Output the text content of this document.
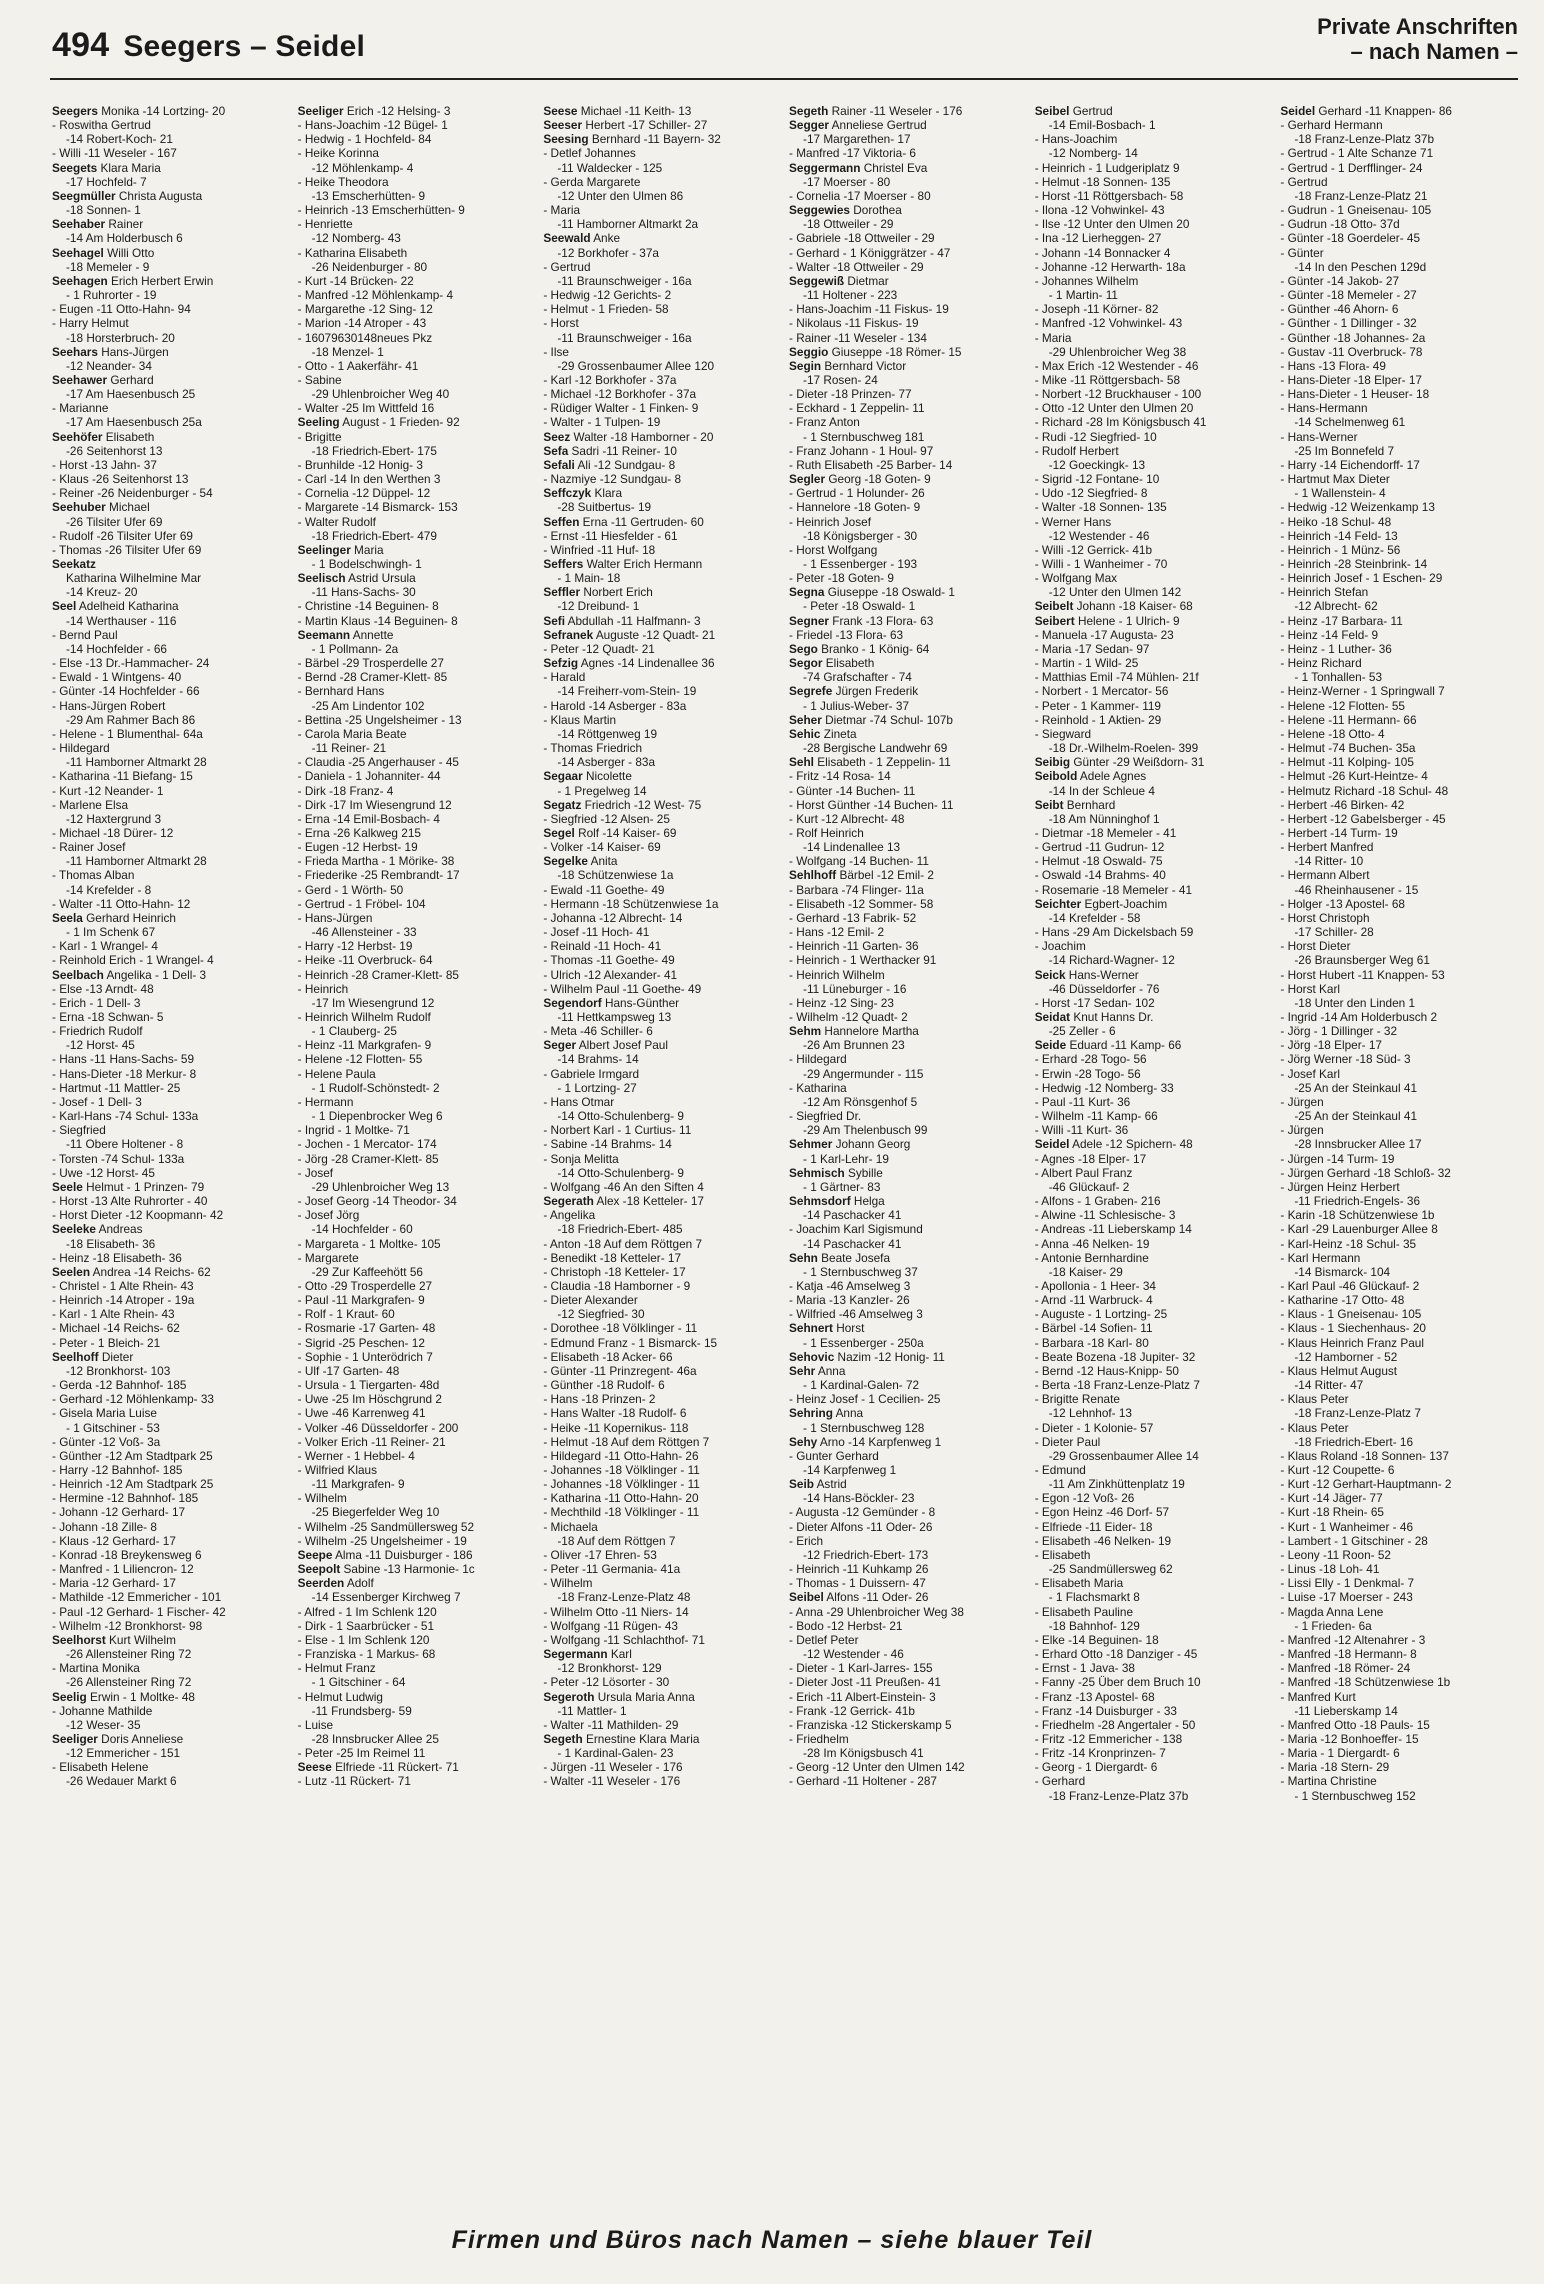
494 Seegers – Seidel
Private Anschriften
– nach Namen –
Seegers Monika -14 Lortzing- 20
- Roswitha Gertrud
-14 Robert-Koch- 21
- Willi -11 Weseler - 167
Seegets Klara Maria
-17 Hochfeld- 7
Seegmüller Christa Augusta
-18 Sonnen- 1
Seehaber Rainer
-14 Am Holderbusch 6
Seehagel Willi Otto
-18 Memeler - 9
Seehagen Erich Herbert Erwin
- 1 Ruhrorter - 19
- Eugen -11 Otto-Hahn- 94
- Harry Helmut
-18 Horsterbruch- 20
Seehars Hans-Jürgen
-12 Neander- 34
Seehawer Gerhard
-17 Am Haesenbusch 25
- Marianne
-17 Am Haesenbusch 25a
Seehöfer Elisabeth
-26 Seitenhorst 13
- Horst -13 Jahn- 37
- Klaus -26 Seitenhorst 13
- Reiner -26 Neidenburger - 54
Seehuber Michael
-26 Tilsiter Ufer 69
- Rudolf -26 Tilsiter Ufer 69
- Thomas -26 Tilsiter Ufer 69
Seekatz
Katharina Wilhelmine Mar
-14 Kreuz- 20
Seel Adelheid Katharina
-14 Werthauser - 116
- Bernd Paul
-14 Hochfelder - 66
- Else -13 Dr.-Hammacher- 24
- Ewald - 1 Wintgens- 40
- Günter -14 Hochfelder - 66
- Hans-Jürgen Robert
-29 Am Rahmer Bach 86
- Helene - 1 Blumenthal- 64a
- Hildegard
-11 Hamborner Altmarkt 28
- Katharina -11 Biefang- 15
- Kurt -12 Neander- 1
- Marlene Elsa
-12 Haxtergrund 3
- Michael -18 Dürer- 12
- Rainer Josef
-11 Hamborner Altmarkt 28
- Thomas Alban
-14 Krefelder - 8
- Walter -11 Otto-Hahn- 12
Seela Gerhard Heinrich
- 1 Im Schenk 67
- Karl - 1 Wrangel- 4
- Reinhold Erich - 1 Wrangel- 4
Seelbach Angelika - 1 Dell- 3
- Else -13 Arndt- 48
- Erich - 1 Dell- 3
- Erna -18 Schwan- 5
- Friedrich Rudolf
-12 Horst- 45
- Hans -11 Hans-Sachs- 59
- Hans-Dieter -18 Merkur- 8
- Hartmut -11 Mattler- 25
- Josef - 1 Dell- 3
- Karl-Hans -74 Schul- 133a
- Siegfried
-11 Obere Holtener - 8
- Torsten -74 Schul- 133a
- Uwe -12 Horst- 45
Seele Helmut - 1 Prinzen- 79
- Horst -13 Alte Ruhrorter - 40
- Horst Dieter -12 Koopmann- 42
Seeleke Andreas
-18 Elisabeth- 36
- Heinz -18 Elisabeth- 36
Seelen Andrea -14 Reichs- 62
- Christel - 1 Alte Rhein- 43
- Heinrich -14 Atroper - 19a
- Karl - 1 Alte Rhein- 43
- Michael -14 Reichs- 62
- Peter - 1 Bleich- 21
Seelhoff Dieter
-12 Bronkhorst- 103
- Gerda -12 Bahnhof- 185
- Gerhard -12 Möhlenkamp- 33
- Gisela Maria Luise
- 1 Gitschiner - 53
- Günter -12 Voß- 3a
- Günther -12 Am Stadtpark 25
- Harry -12 Bahnhof- 185
- Heinrich -12 Am Stadtpark 25
- Hermine -12 Bahnhof- 185
- Johann -12 Gerhard- 17
- Johann -18 Zille- 8
- Klaus -12 Gerhard- 17
- Konrad -18 Breykensweg 6
- Manfred - 1 Liliencron- 12
- Maria -12 Gerhard- 17
- Mathilde -12 Emmericher - 101
- Paul -12 Gerhard- 1 Fischer- 42
- Wilhelm -12 Bronkhorst- 98
Seelhorst Kurt Wilhelm
-26 Allensteiner Ring 72
- Martina Monika
-26 Allensteiner Ring 72
Seelig Erwin - 1 Moltke- 48
- Johanne Mathilde
-12 Weser- 35
Seeliger Doris Anneliese
-12 Emmericher - 151
- Elisabeth Helene
-26 Wedauer Markt 6
Seeliger Erich -12 Helsing- 3
- Hans-Joachim -12 Bügel- 1
- Hedwig - 1 Hochfeld- 84
- Heike Korinna
-12 Möhlenkamp- 4
- Heike Theodora
-13 Emscherhütten- 9
- Heinrich -13 Emscherhütten- 9
- Henriette
-12 Nomberg- 43
- Katharina Elisabeth
-26 Neidenburger - 80
- Kurt -14 Brücken- 22
- Manfred -12 Möhlenkamp- 4
- Margarethe -12 Sing- 12
- Marion -14 Atroper - 43
- 16079630148neues Pkz
-18 Menzel- 1
- Otto - 1 Aakerfähr- 41
- Sabine
-29 Uhlenbroicher Weg 40
- Walter -25 Im Wittfeld 16
Seeling August - 1 Frieden- 92
- Brigitte
-18 Friedrich-Ebert- 175
- Brunhilde -12 Honig- 3
- Carl -14 In den Werthen 3
- Cornelia -12 Düppel- 12
- Margarete -14 Bismarck- 153
- Walter Rudolf
-18 Friedrich-Ebert- 479
Seelinger Maria
- 1 Bodelschwingh- 1
Seelisch Astrid Ursula
-11 Hans-Sachs- 30
- Christine -14 Beguinen- 8
- Martin Klaus -14 Beguinen- 8
Seemann Annette
- 1 Pollmann- 2a
- Bärbel -29 Trosperdelle 27
- Bernd -28 Cramer-Klett- 85
- Bernhard Hans
-25 Am Lindentor 102
- Bettina -25 Ungelsheimer - 13
- Carola Maria Beate
-11 Reiner- 21
- Claudia -25 Angerhauser - 45
- Daniela - 1 Johanniter- 44
- Dirk -18 Franz- 4
- Dirk -17 Im Wiesengrund 12
- Erna -14 Emil-Bosbach- 4
- Erna -26 Kalkweg 215
- Eugen -12 Herbst- 19
- Frieda Martha - 1 Mörike- 38
- Friederike -25 Rembrandt- 17
- Gerd - 1 Wörth- 50
- Gertrud - 1 Fröbel- 104
- Hans-Jürgen
-46 Allensteiner - 33
- Harry -12 Herbst- 19
- Heike -11 Overbruck- 64
- Heinrich -28 Cramer-Klett- 85
- Heinrich
-17 Im Wiesengrund 12
- Heinrich Wilhelm Rudolf
- 1 Clauberg- 25
- Heinz -11 Markgrafen- 9
- Helene -12 Flotten- 55
- Helene Paula
- 1 Rudolf-Schönstedt- 2
- Hermann
- 1 Diepenbrocker Weg 6
- Ingrid - 1 Moltke- 71
- Jochen - 1 Mercator- 174
- Jörg -28 Cramer-Klett- 85
- Josef
-29 Uhlenbroicher Weg 13
- Josef Georg -14 Theodor- 34
- Josef Jörg
-14 Hochfelder - 60
- Margareta - 1 Moltke- 105
- Margarete
-29 Zur Kaffeehött 56
- Otto -29 Trosperdelle 27
- Paul -11 Markgrafen- 9
- Rolf - 1 Kraut- 60
- Rosmarie -17 Garten- 48
- Sigrid -25 Peschen- 12
- Sophie - 1 Unterödrich 7
- Ulf -17 Garten- 48
- Ursula - 1 Tiergarten- 48d
- Uwe -25 Im Höschgrund 2
- Uwe -46 Karrenweg 41
- Volker -46 Düsseldorfer - 200
- Volker Erich -11 Reiner- 21
- Werner - 1 Hebbel- 4
- Wilfried Klaus
-11 Markgrafen- 9
- Wilhelm
-25 Biegerfelder Weg 10
- Wilhelm -25 Sandmüllersweg 52
- Wilhelm -25 Ungelsheimer - 19
Seepe Alma -11 Duisburger - 186
Seepolt Sabine -13 Harmonie- 1c
Seerden Adolf
-14 Essenberger Kirchweg 7
- Alfred - 1 Im Schlenk 120
- Dirk - 1 Saarbrücker - 51
- Else - 1 Im Schlenk 120
- Franziska - 1 Markus- 68
- Helmut Franz
- 1 Gitschiner - 64
- Helmut Ludwig
-11 Frundsberg- 59
- Luise
-28 Innsbrucker Allee 25
- Peter -25 Im Reimel 11
Seese Elfriede -11 Rückert- 71
- Lutz -11 Rückert- 71
Seese Michael -11 Keith- 13
Seeser Herbert -17 Schiller- 27
Seesing Bernhard -11 Bayern- 32
- Detlef Johannes
-11 Waldecker - 125
- Gerda Margarete
-12 Unter den Ulmen 86
- Maria
-11 Hamborner Altmarkt 2a
Seewald Anke
-12 Borkhofer - 37a
- Gertrud
-11 Braunschweiger - 16a
- Hedwig -12 Gerichts- 2
- Helmut - 1 Frieden- 58
- Horst
-11 Braunschweiger - 16a
- Ilse
-29 Grossenbaumer Allee 120
- Karl -12 Borkhofer - 37a
- Michael -12 Borkhofer - 37a
- Rüdiger Walter - 1 Finken- 9
- Walter - 1 Tulpen- 19
Seez Walter -18 Hamborner - 20
Sefa Sadri -11 Reiner- 10
Sefali Ali -12 Sundgau- 8
- Nazmiye -12 Sundgau- 8
Seffczyk Klara
-28 Suitbertus- 19
Seffen Erna -11 Gertruden- 60
- Ernst -11 Hiesfelder - 61
- Winfried -11 Huf- 18
Seffers Walter Erich Hermann
- 1 Main- 18
Seffler Norbert Erich
-12 Dreibund- 1
Sefi Abdullah -11 Halfmann- 3
Sefranek Auguste -12 Quadt- 21
- Peter -12 Quadt- 21
Sefzig Agnes -14 Lindenallee 36
- Harald
-14 Freiherr-vom-Stein- 19
- Harold -14 Asberger - 83a
- Klaus Martin
-14 Röttgenweg 19
- Thomas Friedrich
-14 Asberger - 83a
Segaar Nicolette
- 1 Pregelweg 14
Segatz Friedrich -12 West- 75
- Siegfried -12 Alsen- 25
Segel Rolf -14 Kaiser- 69
- Volker -14 Kaiser- 69
Segelke Anita
-18 Schützenwiese 1a
- Ewald -11 Goethe- 49
- Hermann -18 Schützenwiese 1a
- Johanna -12 Albrecht- 14
- Josef -11 Hoch- 41
- Reinald -11 Hoch- 41
- Thomas -11 Goethe- 49
- Ulrich -12 Alexander- 41
- Wilhelm Paul -11 Goethe- 49
Segendorf Hans-Günther
-11 Hettkampsweg 13
- Meta -46 Schiller- 6
Seger Albert Josef Paul
-14 Brahms- 14
- Gabriele Irmgard
- 1 Lortzing- 27
- Hans Otmar
-14 Otto-Schulenberg- 9
- Norbert Karl - 1 Curtius- 11
- Sabine -14 Brahms- 14
- Sonja Melitta
-14 Otto-Schulenberg- 9
- Wolfgang -46 An den Siften 4
Segerath Alex -18 Ketteler- 17
- Angelika
-18 Friedrich-Ebert- 485
- Anton -18 Auf dem Röttgen 7
- Benedikt -18 Ketteler- 17
- Christoph -18 Ketteler- 17
- Claudia -18 Hamborner - 9
- Dieter Alexander
-12 Siegfried- 30
- Dorothee -18 Völklinger - 11
- Edmund Franz - 1 Bismarck- 15
- Elisabeth -18 Acker- 66
- Günter -11 Prinzregent- 46a
- Günther -18 Rudolf- 6
- Hans -18 Prinzen- 2
- Hans Walter -18 Rudolf- 6
- Heike -11 Kopernikus- 118
- Helmut -18 Auf dem Röttgen 7
- Hildegard -11 Otto-Hahn- 26
- Johannes -18 Völklinger - 11
- Johannes -18 Völklinger - 11
- Katharina -11 Otto-Hahn- 20
- Mechthild -18 Völklinger - 11
- Michaela
-18 Auf dem Röttgen 7
- Oliver -17 Ehren- 53
- Peter -11 Germania- 41a
- Wilhelm
-18 Franz-Lenze-Platz 48
- Wilhelm Otto -11 Niers- 14
- Wolfgang -11 Rügen- 43
- Wolfgang -11 Schlachthof- 71
Segermann Karl
-12 Bronkhorst- 129
- Peter -12 Lösorter - 30
Segeroth Ursula Maria Anna
-11 Mattler- 1
- Walter -11 Mathilden- 29
Segeth Ernestine Klara Maria
- 1 Kardinal-Galen- 23
- Jürgen -11 Weseler - 176
- Walter -11 Weseler - 176
Segeth Rainer -11 Weseler - 176
Segger Anneliese Gertrud
-17 Margarethen- 17
- Manfred -17 Viktoria- 6
Seggermann Christel Eva
-17 Moerser - 80
- Cornelia -17 Moerser - 80
Seggewies Dorothea
-18 Ottweiler - 29
- Gabriele -18 Ottweiler - 29
- Gerhard - 1 Königgrätzer - 47
- Walter -18 Ottweiler - 29
Seggewiß Dietmar
-11 Holtener - 223
- Hans-Joachim -11 Fiskus- 19
- Nikolaus -11 Fiskus- 19
- Rainer -11 Weseler - 134
Seggio Giuseppe -18 Römer- 15
Segin Bernhard Victor
-17 Rosen- 24
- Dieter -18 Prinzen- 77
- Eckhard - 1 Zeppelin- 11
- Franz Anton
- 1 Sternbuschweg 181
- Franz Johann - 1 Houl- 97
- Ruth Elisabeth -25 Barber- 14
Segler Georg -18 Goten- 9
- Gertrud - 1 Holunder- 26
- Hannelore -18 Goten- 9
- Heinrich Josef
-18 Königsberger - 30
- Horst Wolfgang
- 1 Essenberger - 193
- Peter -18 Goten- 9
Segna Giuseppe -18 Oswald- 1
- Peter -18 Oswald- 1
Segner Frank -13 Flora- 63
- Friedel -13 Flora- 63
Sego Branko - 1 König- 64
Segor Elisabeth
-74 Grafschafter - 74
Segrefe Jürgen Frederik
- 1 Julius-Weber- 37
Seher Dietmar -74 Schul- 107b
Sehic Zineta
-28 Bergische Landwehr 69
Sehl Elisabeth - 1 Zeppelin- 11
- Fritz -14 Rosa- 14
- Günter -14 Buchen- 11
- Horst Günther -14 Buchen- 11
- Kurt -12 Albrecht- 48
- Rolf Heinrich
-14 Lindenallee 13
- Wolfgang -14 Buchen- 11
Sehlhoff Bärbel -12 Emil- 2
- Barbara -74 Flinger- 11a
- Elisabeth -12 Sommer- 58
- Gerhard -13 Fabrik- 52
- Hans -12 Emil- 2
- Heinrich -11 Garten- 36
- Heinrich - 1 Werthacker 91
- Heinrich Wilhelm
-11 Lüneburger - 16
- Heinz -12 Sing- 23
- Wilhelm -12 Quadt- 2
Sehm Hannelore Martha
-26 Am Brunnen 23
- Hildegard
-29 Angermunder - 115
- Katharina
-12 Am Rönsgenhof 5
- Siegfried Dr.
-29 Am Thelenbusch 99
Sehmer Johann Georg
- 1 Karl-Lehr- 19
Sehmisch Sybille
- 1 Gärtner- 83
Sehmsdorf Helga
-14 Paschacker 41
- Joachim Karl Sigismund
-14 Paschacker 41
Sehn Beate Josefa
- 1 Sternbuschweg 37
- Katja -46 Amselweg 3
- Maria -13 Kanzler- 26
- Wilfried -46 Amselweg 3
Sehnert Horst
- 1 Essenberger - 250a
Sehovic Nazim -12 Honig- 11
Sehr Anna
- 1 Kardinal-Galen- 72
- Heinz Josef - 1 Cecilien- 25
Sehring Anna
- 1 Sternbuschweg 128
Sehy Arno -14 Karpfenweg 1
- Gunter Gerhard
-14 Karpfenweg 1
Seib Astrid
-14 Hans-Böckler- 23
- Augusta -12 Gemünder - 8
- Dieter Alfons -11 Oder- 26
- Erich
-12 Friedrich-Ebert- 173
- Heinrich -11 Kuhkamp 26
- Thomas - 1 Duissern- 47
Seibel Alfons -11 Oder- 26
- Anna -29 Uhlenbroicher Weg 38
- Bodo -12 Herbst- 21
- Detlef Peter
-12 Westender - 46
- Dieter - 1 Karl-Jarres- 155
- Dieter Jost -11 Preußen- 41
- Erich -11 Albert-Einstein- 3
- Frank -12 Gerrick- 41b
- Franziska -12 Stickerskamp 5
- Friedhelm
-28 Im Königsbusch 41
- Georg -12 Unter den Ulmen 142
- Gerhard -11 Holtener - 287
Seibel Gertrud
-14 Emil-Bosbach- 1
- Hans-Joachim
-12 Nomberg- 14
- Heinrich - 1 Ludgeriplatz 9
- Helmut -18 Sonnen- 135
- Horst -11 Röttgersbach- 58
- Ilona -12 Vohwinkel- 43
- Ilse -12 Unter den Ulmen 20
- Ina -12 Lierheggen- 27
- Johann -14 Bonnacker 4
- Johanne -12 Herwarth- 18a
- Johannes Wilhelm
- 1 Martin- 11
- Joseph -11 Körner- 82
- Manfred -12 Vohwinkel- 43
- Maria
-29 Uhlenbroicher Weg 38
- Max Erich -12 Westender - 46
- Mike -11 Röttgersbach- 58
- Norbert -12 Bruckhauser - 100
- Otto -12 Unter den Ulmen 20
- Richard -28 Im Königsbusch 41
- Rudi -12 Siegfried- 10
- Rudolf Herbert
-12 Goeckingk- 13
- Sigrid -12 Fontane- 10
- Udo -12 Siegfried- 8
- Walter -18 Sonnen- 135
- Werner Hans
-12 Westender - 46
- Willi -12 Gerrick- 41b
- Willi - 1 Wanheimer - 70
- Wolfgang Max
-12 Unter den Ulmen 142
Seibelt Johann -18 Kaiser- 68
Seibert Helene - 1 Ulrich- 9
- Manuela -17 Augusta- 23
- Maria -17 Sedan- 97
- Martin - 1 Wild- 25
- Matthias Emil -74 Mühlen- 21f
- Norbert - 1 Mercator- 56
- Peter - 1 Kammer- 119
- Reinhold - 1 Aktien- 29
- Siegward
-18 Dr.-Wilhelm-Roelen- 399
Seibig Günter -29 Weißdorn- 31
Seibold Adele Agnes
-14 In der Schleue 4
Seibt Bernhard
-18 Am Nünninghof 1
- Dietmar -18 Memeler - 41
- Gertrud -11 Gudrun- 12
- Helmut -18 Oswald- 75
- Oswald -14 Brahms- 40
- Rosemarie -18 Memeler - 41
Seichter Egbert-Joachim
-14 Krefelder - 58
- Hans -29 Am Dickelsbach 59
- Joachim
-14 Richard-Wagner- 12
Seick Hans-Werner
-46 Düsseldorfer - 76
- Horst -17 Sedan- 102
Seidat Knut Hanns Dr.
-25 Zeller - 6
Seide Eduard -11 Kamp- 66
- Erhard -28 Togo- 56
- Erwin -28 Togo- 56
- Hedwig -12 Nomberg- 33
- Paul -11 Kurt- 36
- Wilhelm -11 Kamp- 66
- Willi -11 Kurt- 36
Seidel Adele -12 Spichern- 48
- Agnes -18 Elper- 17
- Albert Paul Franz
-46 Glückauf- 2
- Alfons - 1 Graben- 216
- Alwine -11 Schlesische- 3
- Andreas -11 Lieberskamp 14
- Anna -46 Nelken- 19
- Antonie Bernhardine
-18 Kaiser- 29
- Apollonia - 1 Heer- 34
- Arnd -11 Warbruck- 4
- Auguste - 1 Lortzing- 25
- Bärbel -14 Sofien- 11
- Barbara -18 Karl- 80
- Beate Bozena -18 Jupiter- 32
- Bernd -12 Haus-Knipp- 50
- Berta -18 Franz-Lenze-Platz 7
- Brigitte Renate
-12 Lehnhof- 13
- Dieter - 1 Kolonie- 57
- Dieter Paul
-29 Grossenbaumer Allee 14
- Edmund
-11 Am Zinkhüttenplatz 19
- Egon -12 Voß- 26
- Egon Heinz -46 Dorf- 57
- Elfriede -11 Eider- 18
- Elisabeth -46 Nelken- 19
- Elisabeth
-25 Sandmüllersweg 62
- Elisabeth Maria
- 1 Flachsmarkt 8
- Elisabeth Pauline
-18 Bahnhof- 129
- Elke -14 Beguinen- 18
- Erhard Otto -18 Danziger - 45
- Ernst - 1 Java- 38
- Fanny -25 Über dem Bruch 10
- Franz -13 Apostel- 68
- Franz -14 Duisburger - 33
- Friedhelm -28 Angertaler - 50
- Fritz -12 Emmericher - 138
- Fritz -14 Kronprinzen- 7
- Georg - 1 Diergardt- 6
- Gerhard
-18 Franz-Lenze-Platz 37b
Seidel Gerhard -11 Knappen- 86
- Gerhard Hermann
-18 Franz-Lenze-Platz 37b
- Gertrud - 1 Alte Schanze 71
- Gertrud - 1 Derfflinger- 24
- Gertrud
-18 Franz-Lenze-Platz 21
- Gudrun - 1 Gneisenau- 105
- Gudrun -18 Otto- 37d
- Günter -18 Goerdeler- 45
- Günter
-14 In den Peschen 129d
- Günter -14 Jakob- 27
- Günter -18 Memeler - 27
- Günther -46 Ahorn- 6
- Günther - 1 Dillinger - 32
- Günther -18 Johannes- 2a
- Gustav -11 Overbruck- 78
- Hans -13 Flora- 49
- Hans-Dieter -18 Elper- 17
- Hans-Dieter - 1 Heuser- 18
- Hans-Hermann
-14 Schelmenweg 61
- Hans-Werner
-25 Im Bonnefeld 7
- Harry -14 Eichendorff- 17
- Hartmut Max Dieter
- 1 Wallenstein- 4
- Hedwig -12 Weizenkamp 13
- Heiko -18 Schul- 48
- Heinrich -14 Feld- 13
- Heinrich - 1 Münz- 56
- Heinrich -28 Steinbrink- 14
- Heinrich Josef - 1 Eschen- 29
- Heinrich Stefan
-12 Albrecht- 62
- Heinz -17 Barbara- 11
- Heinz -14 Feld- 9
- Heinz - 1 Luther- 36
- Heinz Richard
- 1 Tonhallen- 53
- Heinz-Werner - 1 Springwall 7
- Helene -12 Flotten- 55
- Helene -11 Hermann- 66
- Helene -18 Otto- 4
- Helmut -74 Buchen- 35a
- Helmut -11 Kolping- 105
- Helmut -26 Kurt-Heintze- 4
- Helmutz Richard -18 Schul- 48
- Herbert -46 Birken- 42
- Herbert -12 Gabelsberger - 45
- Herbert -14 Turm- 19
- Herbert Manfred
-14 Ritter- 10
- Hermann Albert
-46 Rheinhausener - 15
- Holger -13 Apostel- 68
- Horst Christoph
-17 Schiller- 28
- Horst Dieter
-26 Braunsberger Weg 61
- Horst Hubert -11 Knappen- 53
- Horst Karl
-18 Unter den Linden 1
- Ingrid -14 Am Holderbusch 2
- Jörg - 1 Dillinger - 32
- Jörg -18 Elper- 17
- Jörg Werner -18 Süd- 3
- Josef Karl
-25 An der Steinkaul 41
- Jürgen
-25 An der Steinkaul 41
- Jürgen
-28 Innsbrucker Allee 17
- Jürgen -14 Turm- 19
- Jürgen Gerhard -18 Schloß- 32
- Jürgen Heinz Herbert
-11 Friedrich-Engels- 36
- Karin -18 Schützenwiese 1b
- Karl -29 Lauenburger Allee 8
- Karl-Heinz -18 Schul- 35
- Karl Hermann
-14 Bismarck- 104
- Karl Paul -46 Glückauf- 2
- Katharine -17 Otto- 48
- Klaus - 1 Gneisenau- 105
- Klaus - 1 Siechenhaus- 20
- Klaus Heinrich Franz Paul
-12 Hamborner - 52
- Klaus Helmut August
-14 Ritter- 47
- Klaus Peter
-18 Franz-Lenze-Platz 7
- Klaus Peter
-18 Friedrich-Ebert- 16
- Klaus Roland -18 Sonnen- 137
- Kurt -12 Coupette- 6
- Kurt -12 Gerhart-Hauptmann- 2
- Kurt -14 Jäger- 77
- Kurt -18 Rhein- 65
- Kurt - 1 Wanheimer - 46
- Lambert - 1 Gitschiner - 28
- Leony -11 Roon- 52
- Linus -18 Loh- 41
- Lissi Elly - 1 Denkmal- 7
- Luise -17 Moerser - 243
- Magda Anna Lene
- 1 Frieden- 6a
- Manfred -12 Altenahrer - 3
- Manfred -18 Hermann- 8
- Manfred -18 Römer- 24
- Manfred -18 Schützenwiese 1b
- Manfred Kurt
-11 Lieberskamp 14
- Manfred Otto -18 Pauls- 15
- Maria -12 Bonhoeffer- 15
- Maria - 1 Diergardt- 6
- Maria -18 Stern- 29
- Martina Christine
- 1 Sternbuschweg 152
Firmen und Büros nach Namen – siehe blauer Teil
